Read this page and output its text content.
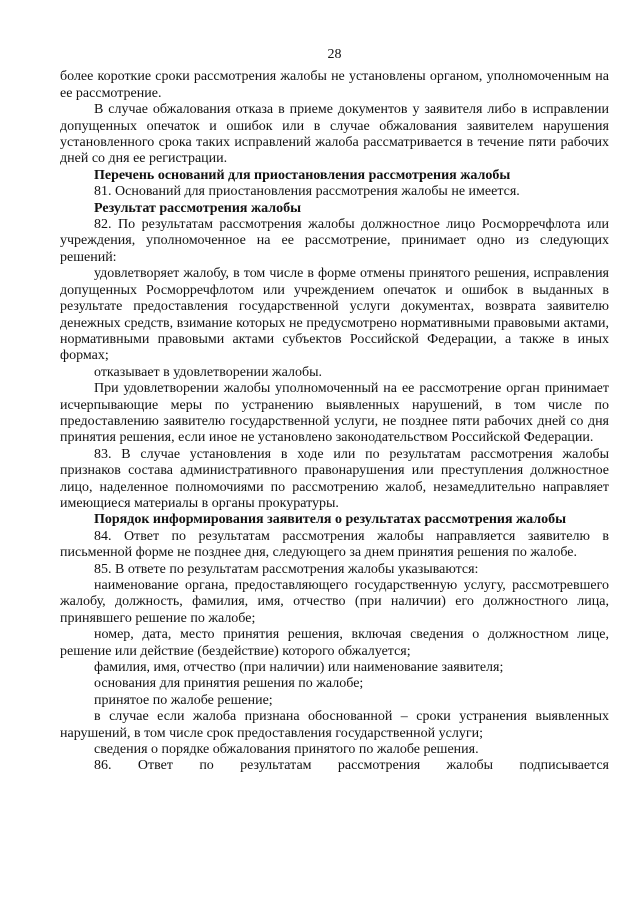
28

более короткие сроки рассмотрения жалобы не установлены органом, уполномоченным на ее рассмотрение.

В случае обжалования отказа в приеме документов у заявителя либо в исправлении допущенных опечаток и ошибок или в случае обжалования заявителем нарушения установленного срока таких исправлений жалоба рассматривается в течение пяти рабочих дней со дня ее регистрации.

Перечень оснований для приостановления рассмотрения жалобы

81. Оснований для приостановления рассмотрения жалобы не имеется.

Результат рассмотрения жалобы

82. По результатам рассмотрения жалобы должностное лицо Росморречфлота или учреждения, уполномоченное на ее рассмотрение, принимает одно из следующих решений:

удовлетворяет жалобу, в том числе в форме отмены принятого решения, исправления допущенных Росморречфлотом или учреждением опечаток и ошибок в выданных в результате предоставления государственной услуги документах, возврата заявителю денежных средств, взимание которых не предусмотрено нормативными правовыми актами, нормативными правовыми актами субъектов Российской Федерации, а также в иных формах;

отказывает в удовлетворении жалобы.

При удовлетворении жалобы уполномоченный на ее рассмотрение орган принимает исчерпывающие меры по устранению выявленных нарушений, в том числе по предоставлению заявителю государственной услуги, не позднее пяти рабочих дней со дня принятия решения, если иное не установлено законодательством Российской Федерации.

83. В случае установления в ходе или по результатам рассмотрения жалобы признаков состава административного правонарушения или преступления должностное лицо, наделенное полномочиями по рассмотрению жалоб, незамедлительно направляет имеющиеся материалы в органы прокуратуры.

Порядок информирования заявителя о результатах рассмотрения жалобы

84. Ответ по результатам рассмотрения жалобы направляется заявителю в письменной форме не позднее дня, следующего за днем принятия решения по жалобе.

85. В ответе по результатам рассмотрения жалобы указываются:

наименование органа, предоставляющего государственную услугу, рассмотревшего жалобу, должность, фамилия, имя, отчество (при наличии) его должностного лица, принявшего решение по жалобе;

номер, дата, место принятия решения, включая сведения о должностном лице, решение или действие (бездействие) которого обжалуется;

фамилия, имя, отчество (при наличии) или наименование заявителя;

основания для принятия решения по жалобе;

принятое по жалобе решение;

в случае если жалоба признана обоснованной – сроки устранения выявленных нарушений, в том числе срок предоставления государственной услуги;

сведения о порядке обжалования принятого по жалобе решения.

86. Ответ по результатам рассмотрения жалобы подписывается
